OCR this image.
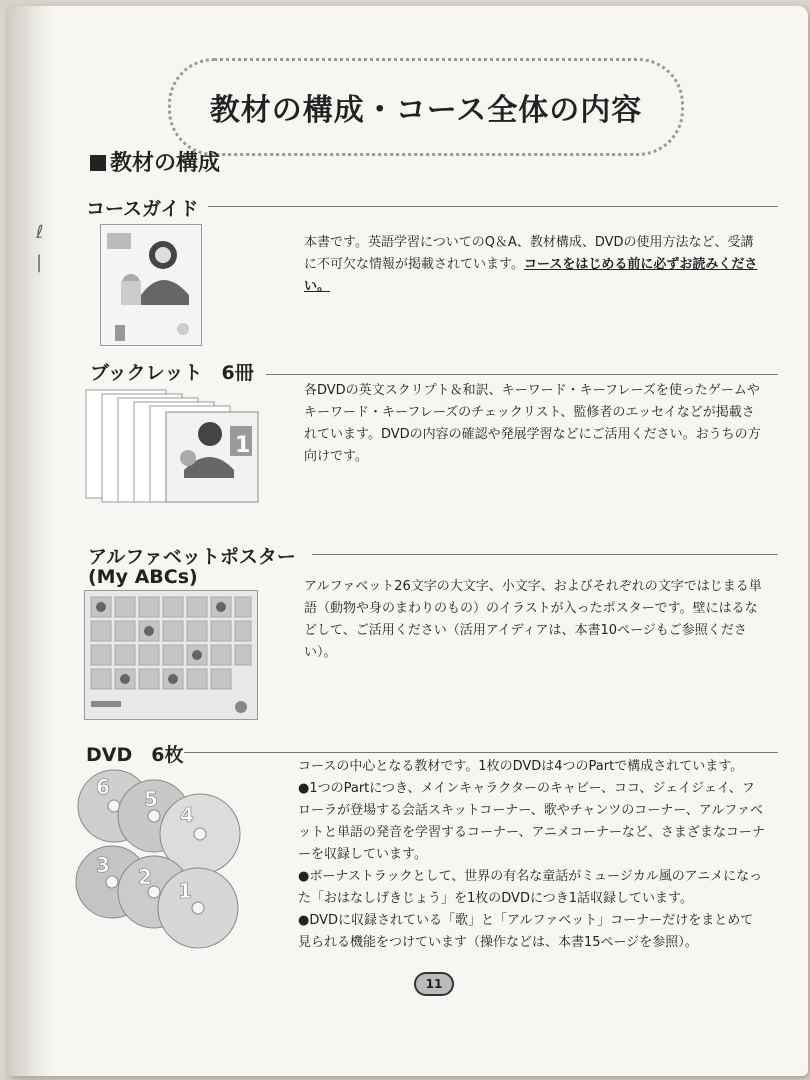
ℓ
|
教材の構成・コース全体の内容
教材の構成
コースガイド
本書です。英語学習についてのQ＆A、教材構成、DVDの使用方法など、受講に不可欠な情報が掲載されています。コースをはじめる前に必ずお読みください。
ブックレット　6冊
1
各DVDの英文スクリプト＆和訳、キーワード・キーフレーズを使ったゲームやキーワード・キーフレーズのチェックリスト、監修者のエッセイなどが掲載されています。DVDの内容の確認や発展学習などにご活用ください。おうちの方向けです。
アルファベットポスター
(My ABCs)	アルファベット26文字の大文字、小文字、およびそれぞれの文字ではじまる単語（動物や身のまわりのもの）のイラストが入ったポスターです。壁にはるなどして、ご活用ください（活用アイディアは、本書10ページもご参照ください）。
DVD　6枚
6 5
4
3 2
1
コースの中心となる教材です。1枚のDVDは4つのPartで構成されています。
●1つのPartにつき、メインキャラクターのキャビー、ココ、ジェイジェイ、フローラが登場する会話スキットコーナー、歌やチャンツのコーナー、アルファベットと単語の発音を学習するコーナー、アニメコーナーなど、さまざまなコーナーを収録しています。
●ボーナストラックとして、世界の有名な童話がミュージカル風のアニメになった「おはなしげきじょう」を1枚のDVDにつき1話収録しています。
●DVDに収録されている「歌」と「アルファベット」コーナーだけをまとめて見られる機能をつけています（操作などは、本書15ページを参照）。
11
